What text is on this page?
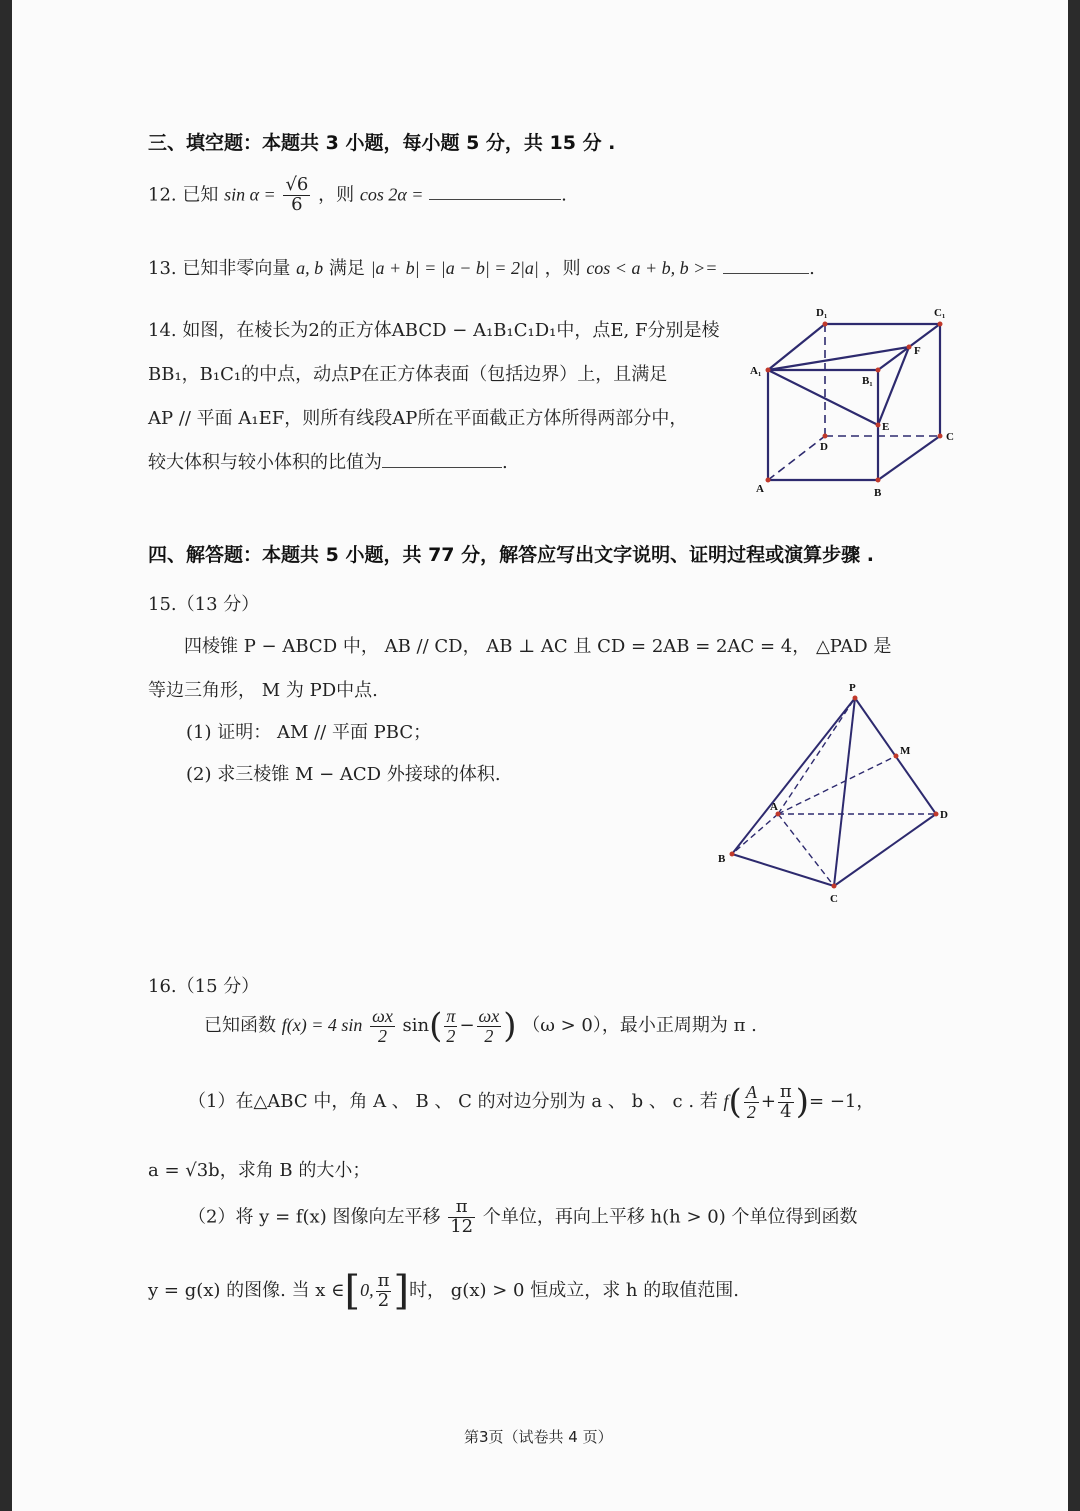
三、填空题：本题共 3 小题，每小题 5 分，共 15 分 .
12. 已知 $\sin \alpha = \frac{√6}{6}$ ，则 cos 2α =	.
13. 已知非零向量 a, b 满足 |a + b| = |a − b| = 2|a| ，则 cos < a + b, b >=	.
14. 如图，在棱长为2的正方体ABCD − A₁B₁C₁D₁中，点E, F分别是棱
BB₁，B₁C₁的中点，动点P在正方体表面（包括边界）上，且满足
AP // 平面 A₁EF，则所有线段AP所在平面截正方体所得两部分中，
较大体积与较小体积的比值为	.
D₁	C₁
A₁
F
B₁
E
D
C
A	B
四、解答题：本题共 5 小题，共 77 分，解答应写出文字说明、证明过程或演算步骤 .
15.（13 分）
四棱锥 P − ABCD 中， AB // CD， AB ⊥ AC 且 CD = 2AB = 2AC = 4， △PAD 是
等边三角形， M 为 PD中点.
(1) 证明： AM // 平面 PBC；
(2) 求三棱锥 M − ACD 外接球的体积.
P
M
A
D
B
C
16.（15 分）
已知函数 f(x) = 4 $\sin \frac{\omega x}{2} \sin( \frac{\pi}{2} - \frac{\omega x}{2}$ ) （ω > 0），最小正周期为 π .
（1）在△ABC 中，角 A 、 B 、 C 的对边分别为 a 、 b 、 c . 若 $f( \frac{A}{2} + \frac{\pi}{4}$ )= −1，
a = √3b，求角 B 的大小；
（2）将 y = f(x) 图像向左平移 $\frac{\pi}{12}$ 个单位，再向上平移 h(h > 0) 个单位得到函数
y = g(x) 的图像. 当 x ∈[0, $\frac{\pi}{2}$ ]时， g(x) > 0 恒成立，求 h 的取值范围.
第3页（试卷共 4 页）
